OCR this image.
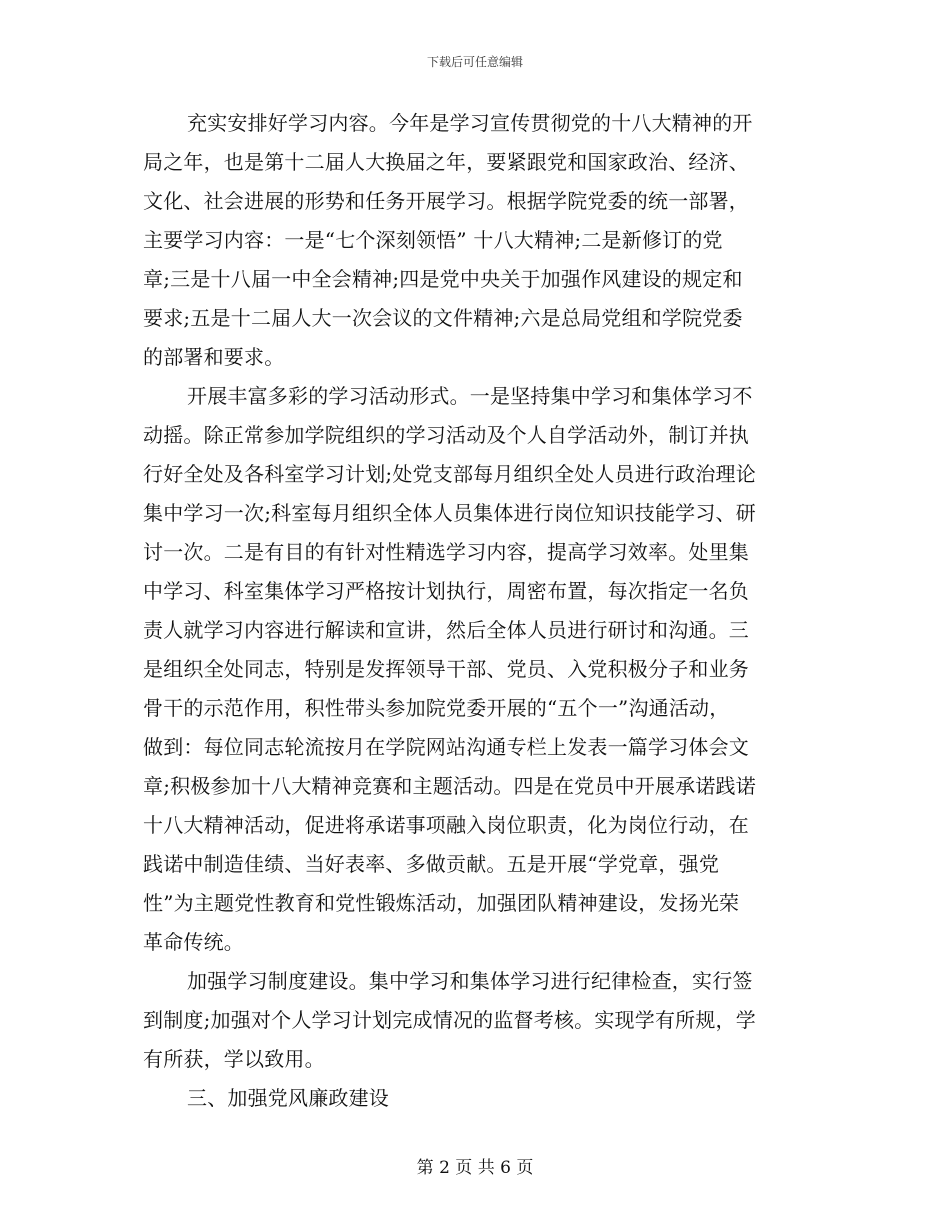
下载后可任意编辑
充实安排好学习内容。今年是学习宣传贯彻党的十八大精神的开
局之年，也是第十二届人大换届之年，要紧跟党和国家政治、经济、
文化、社会进展的形势和任务开展学习。根据学院党委的统一部署，
主要学习内容：一是“七个深刻领悟” 十八大精神;二是新修订的党
章;三是十八届一中全会精神;四是党中央关于加强作风建设的规定和
要求;五是十二届人大一次会议的文件精神;六是总局党组和学院党委
的部署和要求。
开展丰富多彩的学习活动形式。一是坚持集中学习和集体学习不
动摇。除正常参加学院组织的学习活动及个人自学活动外，制订并执
行好全处及各科室学习计划;处党支部每月组织全处人员进行政治理论
集中学习一次;科室每月组织全体人员集体进行岗位知识技能学习、研
讨一次。二是有目的有针对性精选学习内容，提高学习效率。处里集
中学习、科室集体学习严格按计划执行，周密布置，每次指定一名负
责人就学习内容进行解读和宣讲，然后全体人员进行研讨和沟通。三
是组织全处同志，特别是发挥领导干部、党员、入党积极分子和业务
骨干的示范作用，积性带头参加院党委开展的“五个一”沟通活动，
做到：每位同志轮流按月在学院网站沟通专栏上发表一篇学习体会文
章;积极参加十八大精神竞赛和主题活动。四是在党员中开展承诺践诺
十八大精神活动，促进将承诺事项融入岗位职责，化为岗位行动，在
践诺中制造佳绩、当好表率、多做贡献。五是开展“学党章，强党
性”为主题党性教育和党性锻炼活动，加强团队精神建设，发扬光荣
革命传统。
加强学习制度建设。集中学习和集体学习进行纪律检查，实行签
到制度;加强对个人学习计划完成情况的监督考核。实现学有所规，学
有所获，学以致用。
三、加强党风廉政建设
第 2 页 共 6 页
